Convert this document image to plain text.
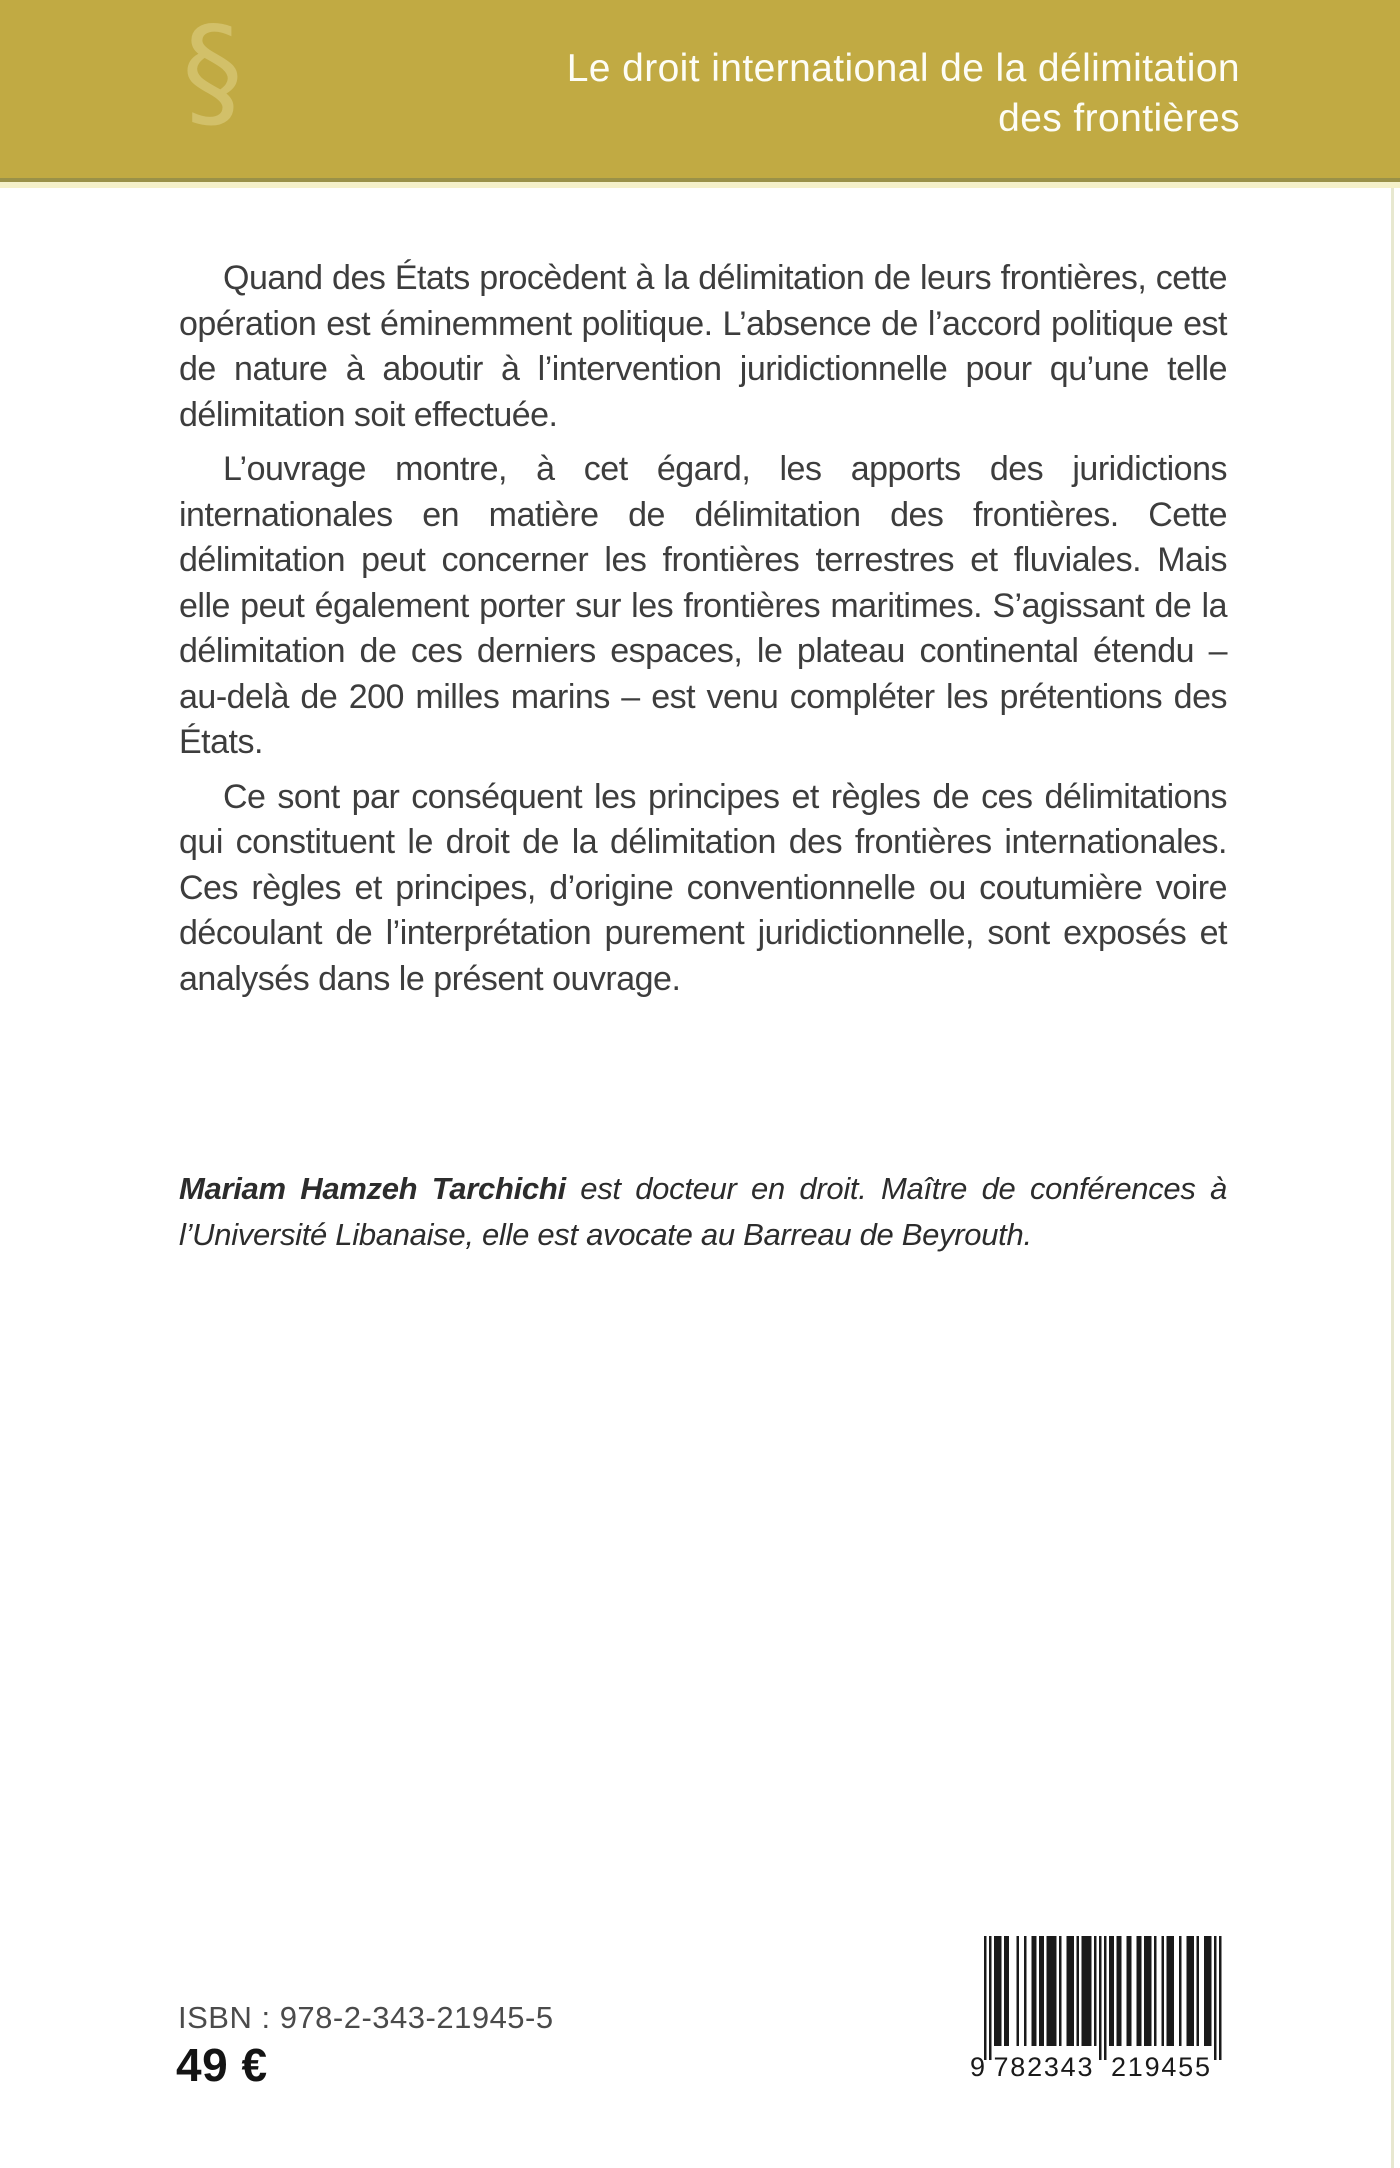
§	Le droit international de la délimitation
des frontières

Quand des États procèdent à la délimitation de leurs frontières, cette opération est éminemment politique. L’absence de l’accord politique est de nature à aboutir à l’intervention juridictionnelle pour qu’une telle délimitation soit effectuée.

L’ouvrage montre, à cet égard, les apports des juridictions internationales en matière de délimitation des frontières. Cette délimitation peut concerner les frontières terrestres et fluviales. Mais elle peut également porter sur les frontières maritimes. S’agissant de la délimitation de ces derniers espaces, le plateau continental étendu – au-delà de 200 milles marins – est venu compléter les prétentions des États.

Ce sont par conséquent les principes et règles de ces délimitations qui constituent le droit de la délimitation des frontières internationales. Ces règles et principes, d’origine conventionnelle ou coutumière voire découlant de l’interprétation purement juridictionnelle, sont exposés et analysés dans le présent ouvrage.

Mariam Hamzeh Tarchichi est docteur en droit. Maître de conférences à l’Université Libanaise, elle est avocate au Barreau de Beyrouth.
ISBN : 978-2-343-21945-5
49 €	9 782343 219455
